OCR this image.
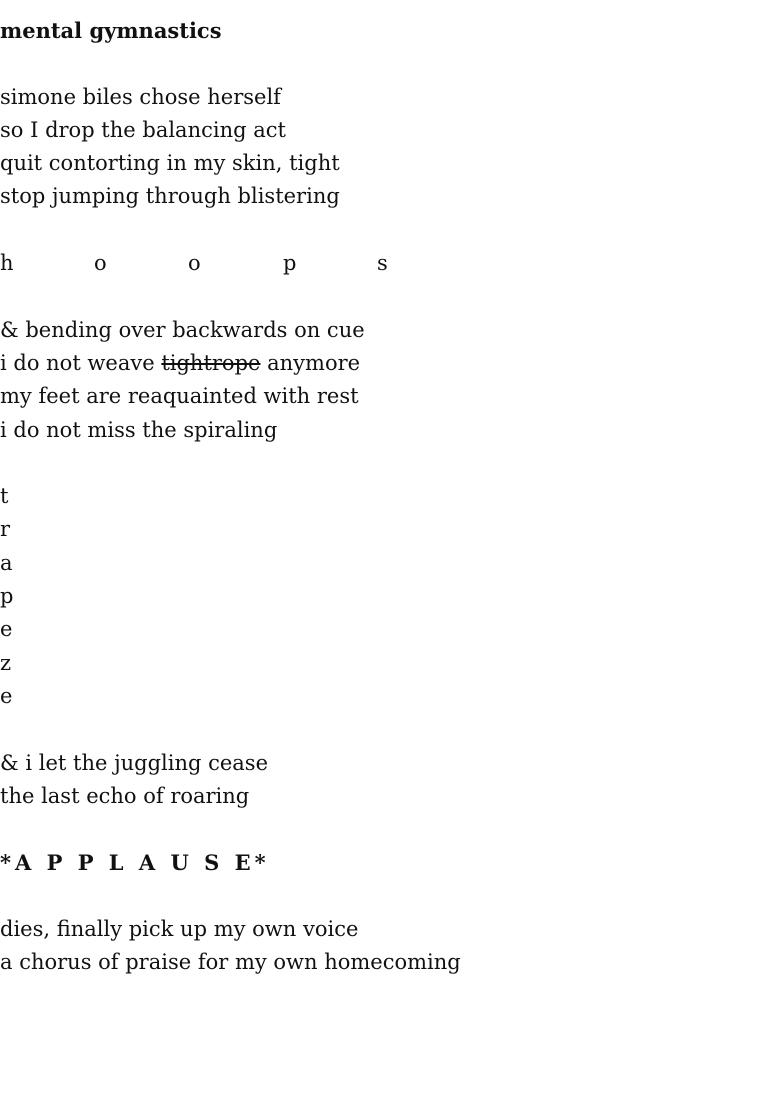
mental gymnastics
simone biles chose herself
so I drop the balancing act
quit contorting in my skin, tight
stop jumping through blistering
h	o	o	p	s
& bending over backwards on cue
i do not weave tightrope anymore
my feet are reaquainted with rest
i do not miss the spiraling
t
r
a
p
e
z
e
& i let the juggling cease
the last echo of roaring
*A P P L A U S E*
dies, finally pick up my own voice
a chorus of praise for my own homecoming
